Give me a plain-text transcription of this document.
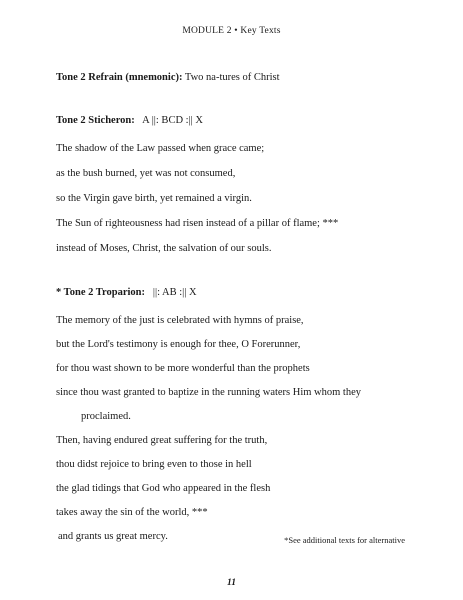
MODULE 2 • Key Texts
Tone 2 Refrain (mnemonic): Two na-tures of Christ
Tone 2 Sticheron: A ||: BCD :|| X
The shadow of the Law passed when grace came;
as the bush burned, yet was not consumed,
so the Virgin gave birth, yet remained a virgin.
The Sun of righteousness had risen instead of a pillar of flame; ***
instead of Moses, Christ, the salvation of our souls.
* Tone 2 Troparion: ||: AB :|| X
The memory of the just is celebrated with hymns of praise,
but the Lord's testimony is enough for thee, O Forerunner,
for thou wast shown to be more wonderful than the prophets
since thou wast granted to baptize in the running waters Him whom they
proclaimed.
Then, having endured great suffering for the truth,
thou didst rejoice to bring even to those in hell
the glad tidings that God who appeared in the flesh
takes away the sin of the world, ***
and grants us great mercy.	*See additional texts for alternative
11
